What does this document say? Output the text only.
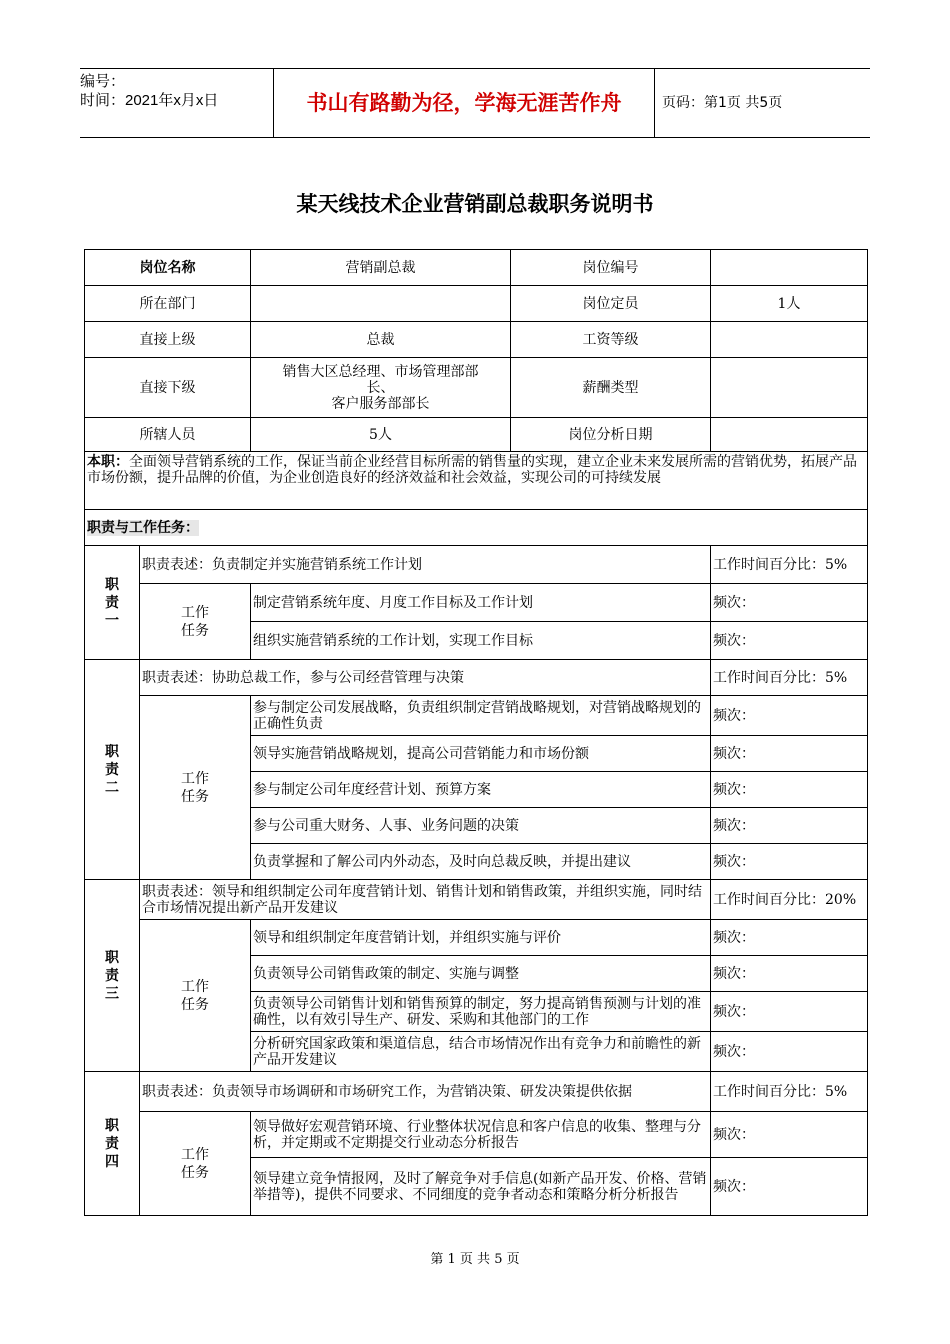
编号：
时间：2021年x月x日	书山有路勤为径，学海无涯苦作舟	页码：第1页 共5页
某天线技术企业营销副总裁职务说明书
岗位名称		营销副总裁	岗位编号	
所在部门			岗位定员	1人
直接上级		总裁	工资等级	
直接下级		销售大区总经理、市场管理部部
长、
客户服务部部长	薪酬类型	
所辖人员		5人	岗位分析日期	
本职：全面领导营销系统的工作，保证当前企业经营目标所需的销售量的实现，建立企业未来发展所需的营销优势，拓展产品市场份额，提升品牌的价值，为企业创造良好的经济效益和社会效益，实现公司的可持续发展				
职责与工作任务：				

职
责
一	职责表述：负责制定并实施营销系统工作计划			工作时间百分比：5%

	工作
任务	制定营销系统年度、月度工作目标及工作计划		频次：
		组织实施营销系统的工作计划，实现工作目标		频次：

职
责
二	职责表述：协助总裁工作，参与公司经营管理与决策			工作时间百分比：5%

	工作
任务	参与制定公司发展战略，负责组织制定营销战略规划，对营销战略规划的正确性负责		频次：
		领导实施营销战略规划，提高公司营销能力和市场份额		频次：
		参与制定公司年度经营计划、预算方案		频次：
		参与公司重大财务、人事、业务问题的决策		频次：
		负责掌握和了解公司内外动态，及时向总裁反映，并提出建议		频次：

职
责
三	职责表述：领导和组织制定公司年度营销计划、销售计划和销售政策，并组织实施，同时结合市场情况提出新产品开发建议			工作时间百分比：20%

	工作
任务	领导和组织制定年度营销计划，并组织实施与评价		频次：
		负责领导公司销售政策的制定、实施与调整		频次：
		负责领导公司销售计划和销售预算的制定，努力提高销售预测与计划的准确性，以有效引导生产、研发、采购和其他部门的工作		频次：
		分析研究国家政策和渠道信息，结合市场情况作出有竞争力和前瞻性的新产品开发建议		频次：

职
责
四	职责表述：负责领导市场调研和市场研究工作，为营销决策、研发决策提供依据			工作时间百分比：5%

	工作
任务	领导做好宏观营销环境、行业整体状况信息和客户信息的收集、整理与分析，并定期或不定期提交行业动态分析报告		频次：
		领导建立竞争情报网，及时了解竞争对手信息(如新产品开发、价格、营销举措等)，提供不同要求、不同细度的竞争者动态和策略分析分析报告		频次：
第 1 页 共 5 页
